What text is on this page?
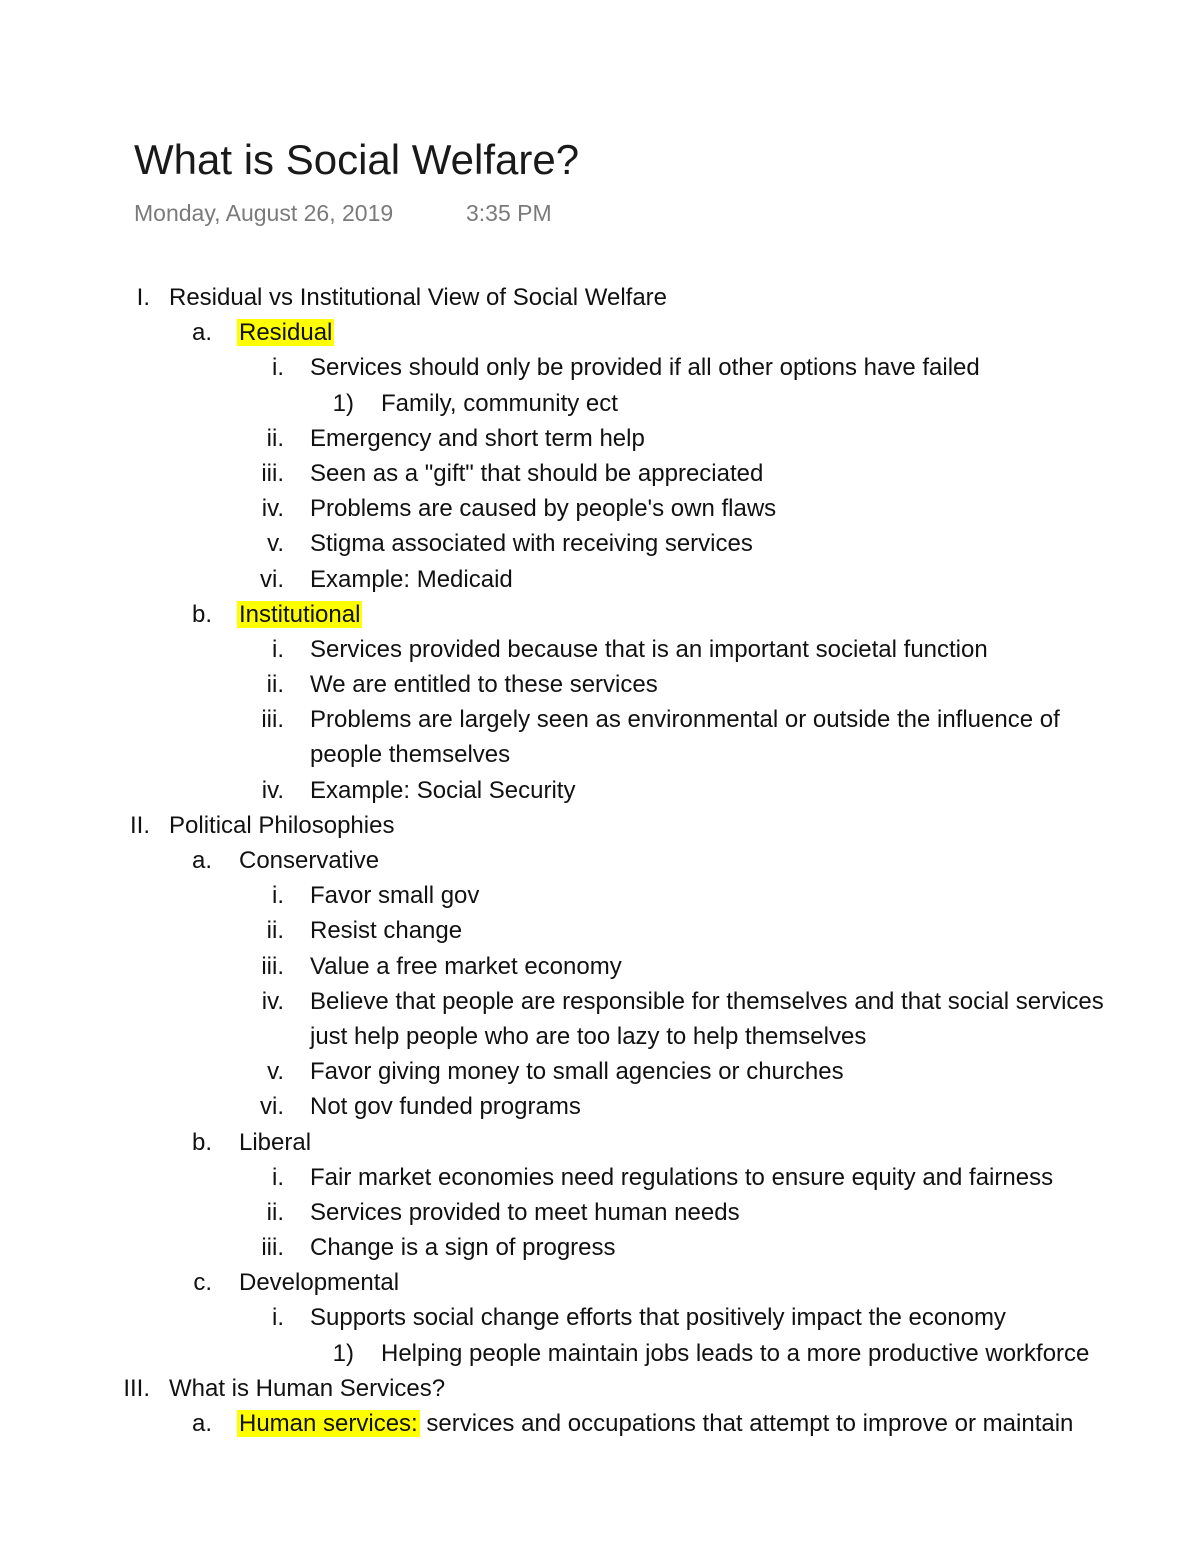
What is Social Welfare?
Monday, August 26, 2019	3:35 PM
I. Residual vs Institutional View of Social Welfare
a. Residual
i. Services should only be provided if all other options have failed
1) Family, community ect
ii. Emergency and short term help
iii. Seen as a "gift" that should be appreciated
iv. Problems are caused by people's own flaws
v. Stigma associated with receiving services
vi. Example: Medicaid
b. Institutional
i. Services provided because that is an important societal function
ii. We are entitled to these services
iii. Problems are largely seen as environmental or outside the influence of
people themselves
iv. Example: Social Security
II. Political Philosophies
a. Conservative
i. Favor small gov
ii. Resist change
iii. Value a free market economy
iv. Believe that people are responsible for themselves and that social services
just help people who are too lazy to help themselves
v. Favor giving money to small agencies or churches
vi. Not gov funded programs
b. Liberal
i. Fair market economies need regulations to ensure equity and fairness
ii. Services provided to meet human needs
iii. Change is a sign of progress
c. Developmental
i. Supports social change efforts that positively impact the economy
1) Helping people maintain jobs leads to a more productive workforce
III. What is Human Services?
a. Human services: services and occupations that attempt to improve or maintain
